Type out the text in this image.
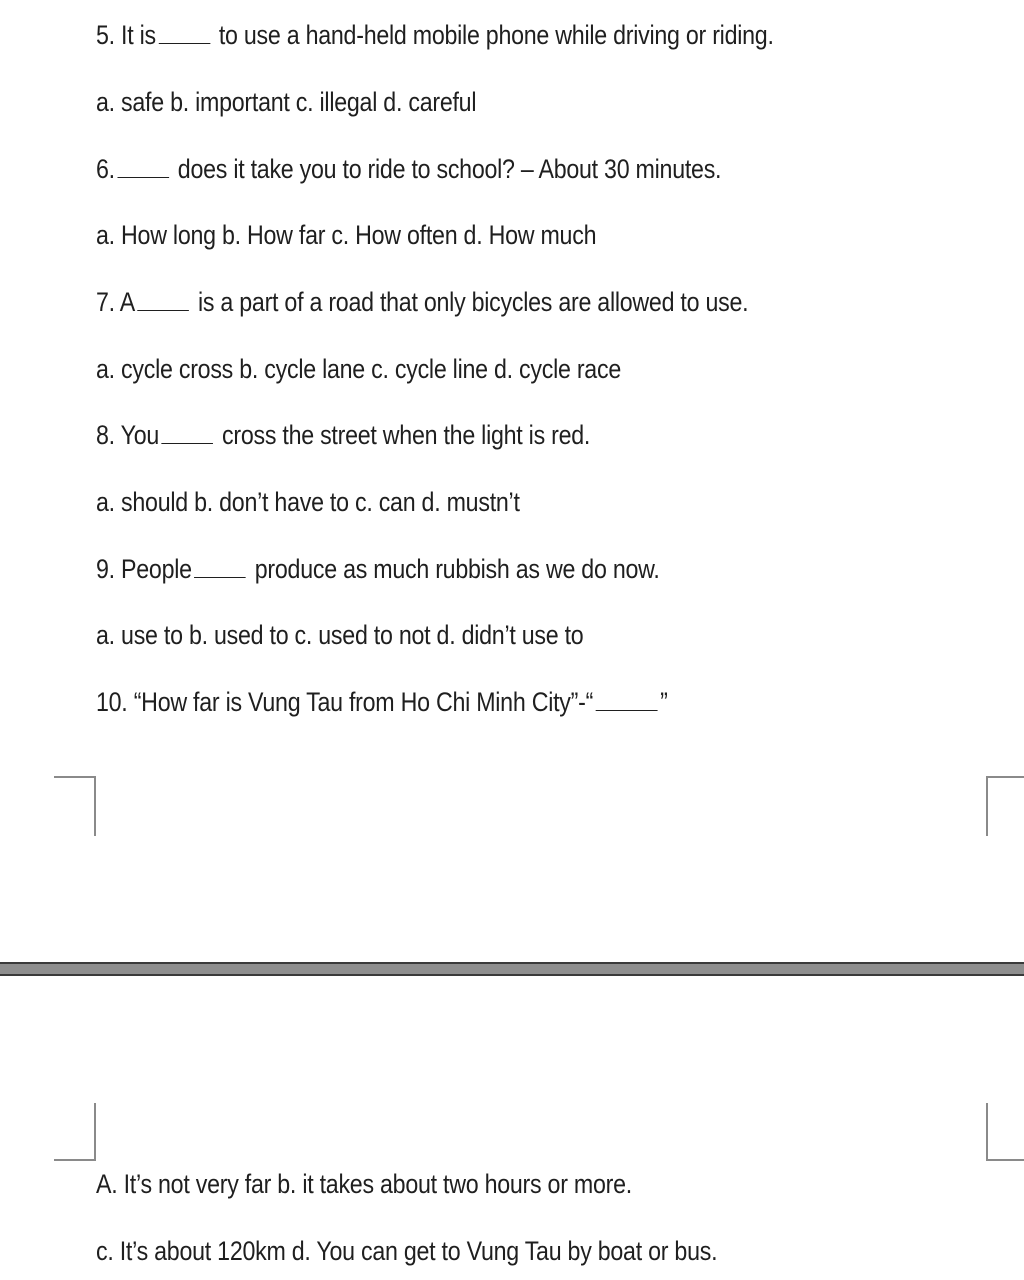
5. It is to use a hand-held mobile phone while driving or riding.
a. safe b. important c. illegal d. careful
6. does it take you to ride to school? – About 30 minutes.
a. How long b. How far c. How often d. How much
7. A is a part of a road that only bicycles are allowed to use.
a. cycle cross b. cycle lane c. cycle line d. cycle race
8. You cross the street when the light is red.
a. should b. don’t have to c. can d. mustn’t
9. People produce as much rubbish as we do now.
a. use to b. used to c. used to not d. didn’t use to
10. “How far is Vung Tau from Ho Chi Minh City”-“ ”
A. It’s not very far b. it takes about two hours or more.
c. It’s about 120km d. You can get to Vung Tau by boat or bus.
